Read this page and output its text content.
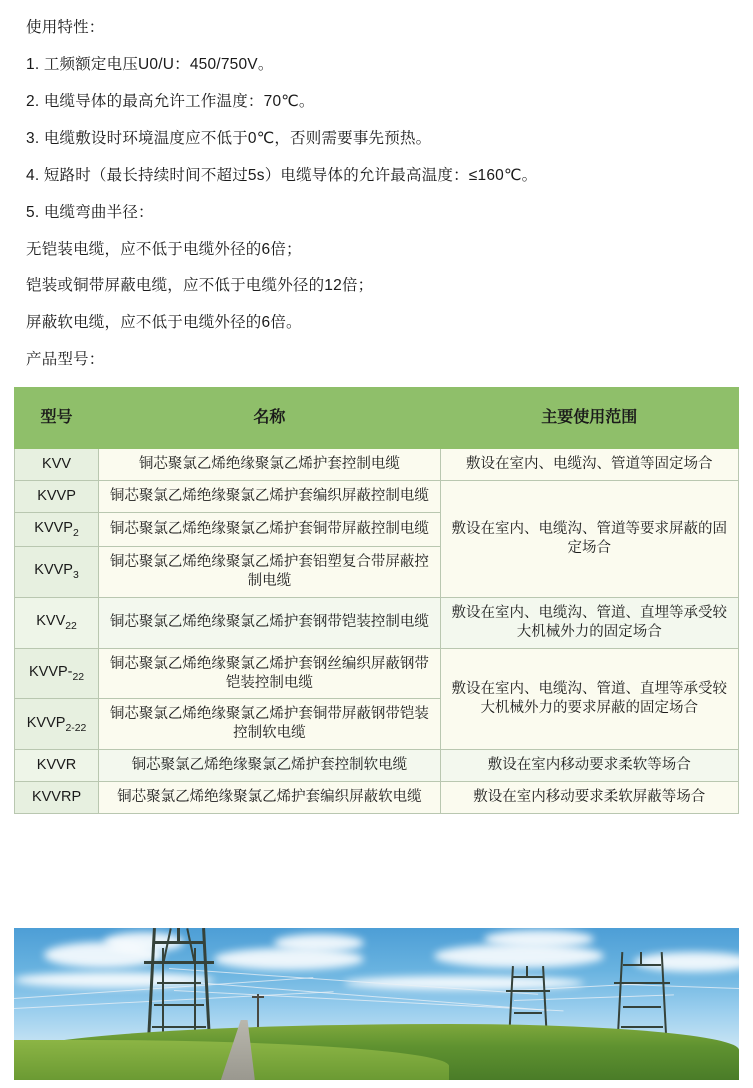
使用特性：

1. 工频额定电压U0/U：450/750V。

2. 电缆导体的最高允许工作温度：70℃。

3. 电缆敷设时环境温度应不低于0℃，否则需要事先预热。

4. 短路时（最长持续时间不超过5s）电缆导体的允许最高温度：≤160℃。

5. 电缆弯曲半径：

无铠装电缆，应不低于电缆外径的6倍；

铠装或铜带屏蔽电缆，应不低于电缆外径的12倍；

屏蔽软电缆，应不低于电缆外径的6倍。

产品型号：

型号	名称	主要使用范围
KVV	铜芯聚氯乙烯绝缘聚氯乙烯护套控制电缆	敷设在室内、电缆沟、管道等固定场合
KVVP	铜芯聚氯乙烯绝缘聚氯乙烯护套编织屏蔽控制电缆	敷设在室内、电缆沟、管道等要求屏蔽的固定场合
$KVVP_2$	铜芯聚氯乙烯绝缘聚氯乙烯护套铜带屏蔽控制电缆	
$KVVP_3$	铜芯聚氯乙烯绝缘聚氯乙烯护套铝塑复合带屏蔽控制电缆	
$KVV_{22}$	铜芯聚氯乙烯绝缘聚氯乙烯护套钢带铠装控制电缆	敷设在室内、电缆沟、管道、直埋等承受较大机械外力的固定场合
KVVP-$_{22}$	铜芯聚氯乙烯绝缘聚氯乙烯护套钢丝编织屏蔽钢带铠装控制电缆	敷设在室内、电缆沟、管道、直埋等承受较大机械外力的要求屏蔽的固定场合
$KVVP_{2-22}$	铜芯聚氯乙烯绝缘聚氯乙烯护套铜带屏蔽钢带铠装控制软电缆	
KVVR	铜芯聚氯乙烯绝缘聚氯乙烯护套控制软电缆	敷设在室内移动要求柔软等场合
KVVRP	铜芯聚氯乙烯绝缘聚氯乙烯护套编织屏蔽软电缆	敷设在室内移动要求柔软屏蔽等场合
